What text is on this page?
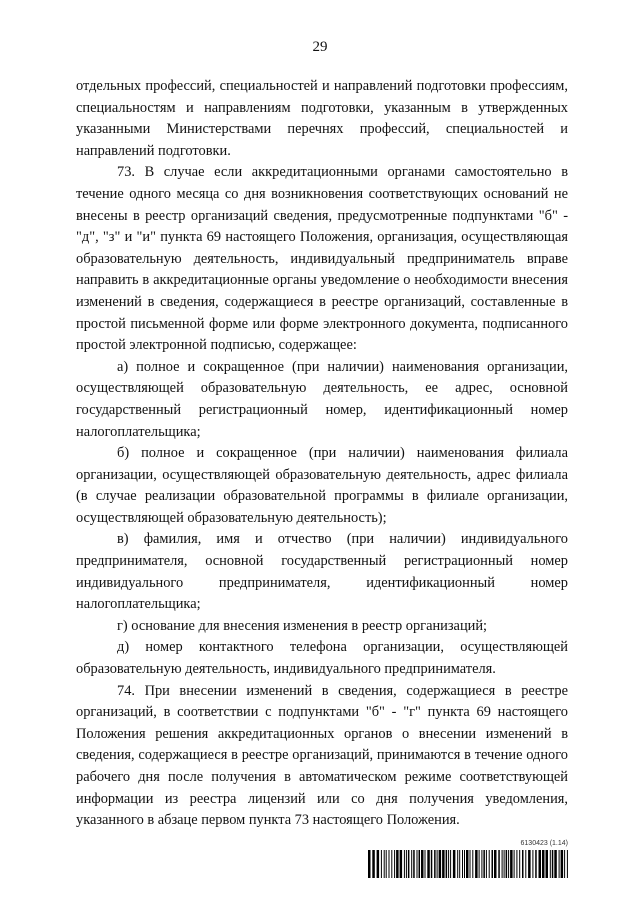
29

отдельных профессий, специальностей и направлений подготовки профессиям, специальностям и направлениям подготовки, указанным в утвержденных указанными Министерствами перечнях профессий, специальностей и направлений подготовки.

73. В случае если аккредитационными органами самостоятельно в течение одного месяца со дня возникновения соответствующих оснований не внесены в реестр организаций сведения, предусмотренные подпунктами "б" - "д", "з" и "и" пункта 69 настоящего Положения, организация, осуществляющая образовательную деятельность, индивидуальный предприниматель вправе направить в аккредитационные органы уведомление о необходимости внесения изменений в сведения, содержащиеся в реестре организаций, составленные в простой письменной форме или форме электронного документа, подписанного простой электронной подписью, содержащее:

а) полное и сокращенное (при наличии) наименования организации, осуществляющей образовательную деятельность, ее адрес, основной государственный регистрационный номер, идентификационный номер налогоплательщика;

б) полное и сокращенное (при наличии) наименования филиала организации, осуществляющей образовательную деятельность, адрес филиала (в случае реализации образовательной программы в филиале организации, осуществляющей образовательную деятельность);

в) фамилия, имя и отчество (при наличии) индивидуального предпринимателя, основной государственный регистрационный номер индивидуального предпринимателя, идентификационный номер налогоплательщика;

г) основание для внесения изменения в реестр организаций;

д) номер контактного телефона организации, осуществляющей образовательную деятельность, индивидуального предпринимателя.

74. При внесении изменений в сведения, содержащиеся в реестре организаций, в соответствии с подпунктами "б" - "г" пункта 69 настоящего Положения решения аккредитационных органов о внесении изменений в сведения, содержащиеся в реестре организаций, принимаются в течение одного рабочего дня после получения в автоматическом режиме соответствующей информации из реестра лицензий или со дня получения уведомления, указанного в абзаце первом пункта 73 настоящего Положения.

6130423 (1.14)
